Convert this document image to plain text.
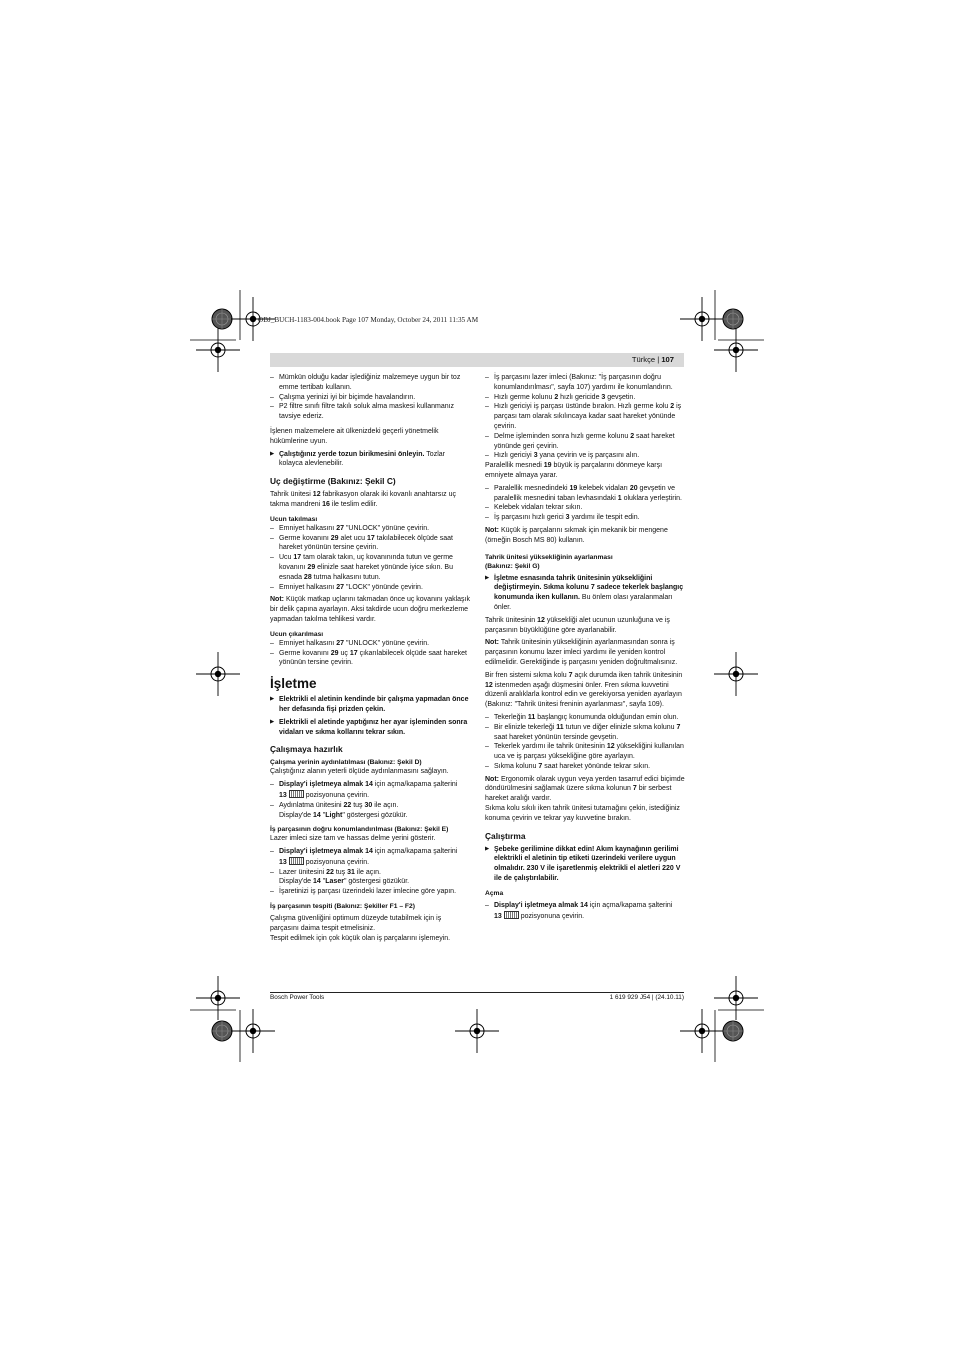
OBJ_BUCH-1183-004.book Page 107 Monday, October 24, 2011 11:35 AM
Türkçe | 107

– Mümkün olduğu kadar işlediğiniz malzemeye uygun bir toz emme tertibatı kullanın.

– Çalışma yerinizi iyi bir biçimde havalandırın.

– P2 filtre sınıfı filtre takılı soluk alma maskesi kullanmanız tavsiye ederiz.

İşlenen malzemelere ait ülkenizdeki geçerli yönetmelik hükümlerine uyun.

▶ Çalıştığınız yerde tozun birikmesini önleyin. Tozlar kolayca alevlenebilir.

Uç değiştirme (Bakınız: Şekil C)

Tahrik ünitesi 12 fabrikasyon olarak iki kovanlı anahtarsız uç takma mandreni 16 ile teslim edilir.

Ucun takılması

– Emniyet halkasını 27 "UNLOCK" yönüne çevirin.

– Germe kovanını 29 alet ucu 17 takılabilecek ölçüde saat hareket yönünün tersine çevirin.

– Ucu 17 tam olarak takın, uç kovanınında tutun ve germe kovanını 29 elinizle saat hareket yönünde iyice sıkın. Bu esnada 28 tutma halkasını tutun.

– Emniyet halkasını 27 "LOCK" yönünde çevirin.

Not: Küçük matkap uçlarını takmadan önce uç kovanını yaklaşık bir delik çapına ayarlayın. Aksi takdirde ucun doğru merkezleme yapmadan takılma tehlikesi vardır.

Ucun çıkarılması

– Emniyet halkasını 27 "UNLOCK" yönüne çevirin.

– Germe kovanını 29 uç 17 çıkarılabilecek ölçüde saat hareket yönünün tersine çevirin.

İşletme

▶ Elektrikli el aletinin kendinde bir çalışma yapmadan önce her defasında fişi prizden çekin.

▶ Elektrikli el aletinde yaptığınız her ayar işleminden sonra vidaları ve sıkma kollarını tekrar sıkın.

Çalışmaya hazırlık

Çalışma yerinin aydınlatılması (Bakınız: Şekil D)

Çalıştığınız alanın yeterli ölçüde aydınlanmasını sağlayın.

– Display'i işletmeya almak 14 için açma/kapama şalterini
13  pozisyonuna çevirin.

– Aydınlatma ünitesini 22 tuş 30 ile açın.
Display'de 14 "Light" göstergesi gözükür.

İş parçasının doğru konumlandırılması (Bakınız: Şekil E)

Lazer imleci size tam ve hassas delme yerini gösterir.

– Display'i işletmeya almak 14 için açma/kapama şalterini
13  pozisyonuna çevirin.

– Lazer ünitesini 22 tuş 31 ile açın.
Display'de 14 "Laser" göstergesi gözükür.

– İşaretinizi iş parçası üzerindeki lazer imlecine göre yapın.

İş parçasının tespiti (Bakınız: Şekiller F1 – F2)

Çalışma güvenliğini optimum düzeyde tutabilmek için iş parçasını daima tespit etmelisiniz.

Tespit edilmek için çok küçük olan iş parçalarını işlemeyin.

– İş parçasını lazer imleci (Bakınız: "İş parçasının doğru konumlandırılması", sayfa 107) yardımı ile konumlandırın.

– Hızlı germe kolunu 2 hızlı gericide 3 gevşetin.

– Hızlı gericiyi iş parçası üstünde bırakın. Hızlı germe kolu 2 iş parçası tam olarak sıkılıncaya kadar saat hareket yönünde çevirin.

– Delme işleminden sonra hızlı germe kolunu 2 saat hareket yönünde geri çevirin.

– Hızlı gericiyi 3 yana çevirin ve iş parçasını alın.

Paralellik mesnedi 19 büyük iş parçalarını dönmeye karşı emniyete almaya yarar.

– Paralellik mesnedindeki 19 kelebek vidaları 20 gevşetin ve paralellik mesnedini taban levhasındaki 1 oluklara yerleştirin.

– Kelebek vidaları tekrar sıkın.

– İş parçasını hızlı gerici 3 yardımı ile tespit edin.

Not: Küçük iş parçalarını sıkmak için mekanik bir mengene (örneğin Bosch MS 80) kullanın.

Tahrik ünitesi yüksekliğinin ayarlanması

(Bakınız: Şekil G)

▶ İşletme esnasında tahrik ünitesinin yüksekliğini değiştirmeyin. Sıkma kolunu 7 sadece tekerlek başlangıç konumunda iken kullanın. Bu önlem olası yaralanmaları önler.

Tahrik ünitesinin 12 yüksekliği alet ucunun uzunluğuna ve iş parçasının büyüklüğüne göre ayarlanabilir.

Not: Tahrik ünitesinin yüksekliğinin ayarlanmasından sonra iş parçasının konumu lazer imleci yardımı ile yeniden kontrol edilmelidir. Gerektiğinde iş parçasını yeniden doğrultmalısınız.

Bir fren sistemi sıkma kolu 7 açık durumda iken tahrik ünitesinin 12 istenmeden aşağı düşmesini önler. Fren sıkma kuvvetini düzenli aralıklarla kontrol edin ve gerekiyorsa yeniden ayarlayın (Bakınız: "Tahrik ünitesi freninin ayarlanması", sayfa 109).

– Tekerleğin 11 başlangıç konumunda olduğundan emin olun.

– Bir elinizle tekerleği 11 tutun ve diğer elinizle sıkma kolunu 7 saat hareket yönünün tersinde gevşetin.

– Tekerlek yardımı ile tahrik ünitesinin 12 yüksekliğini kullanılan uca ve iş parçası yüksekliğine göre ayarlayın.

– Sıkma kolunu 7 saat hareket yönünde tekrar sıkın.

Not: Ergonomik olarak uygun veya yerden tasarruf edici biçimde döndürülmesini sağlamak üzere sıkma kolunun 7 bir serbest hareket aralığı vardır.

Sıkma kolu sıkılı iken tahrik ünitesi tutamağını çekin, istediğiniz konuma çevirin ve tekrar yay kuvvetine bırakın.

Çalıştırma

▶ Şebeke gerilimine dikkat edin! Akım kaynağının gerilimi elektrikli el aletinin tip etiketi üzerindeki verilere uygun olmalıdır. 230 V ile işaretlenmiş elektrikli el aletleri 220 V ile de çalıştırılabilir.

Açma

– Display'i işletmeya almak 14 için açma/kapama şalterini
13  pozisyonuna çevirin.

Bosch Power Tools	1 619 929 J54 | (24.10.11)
